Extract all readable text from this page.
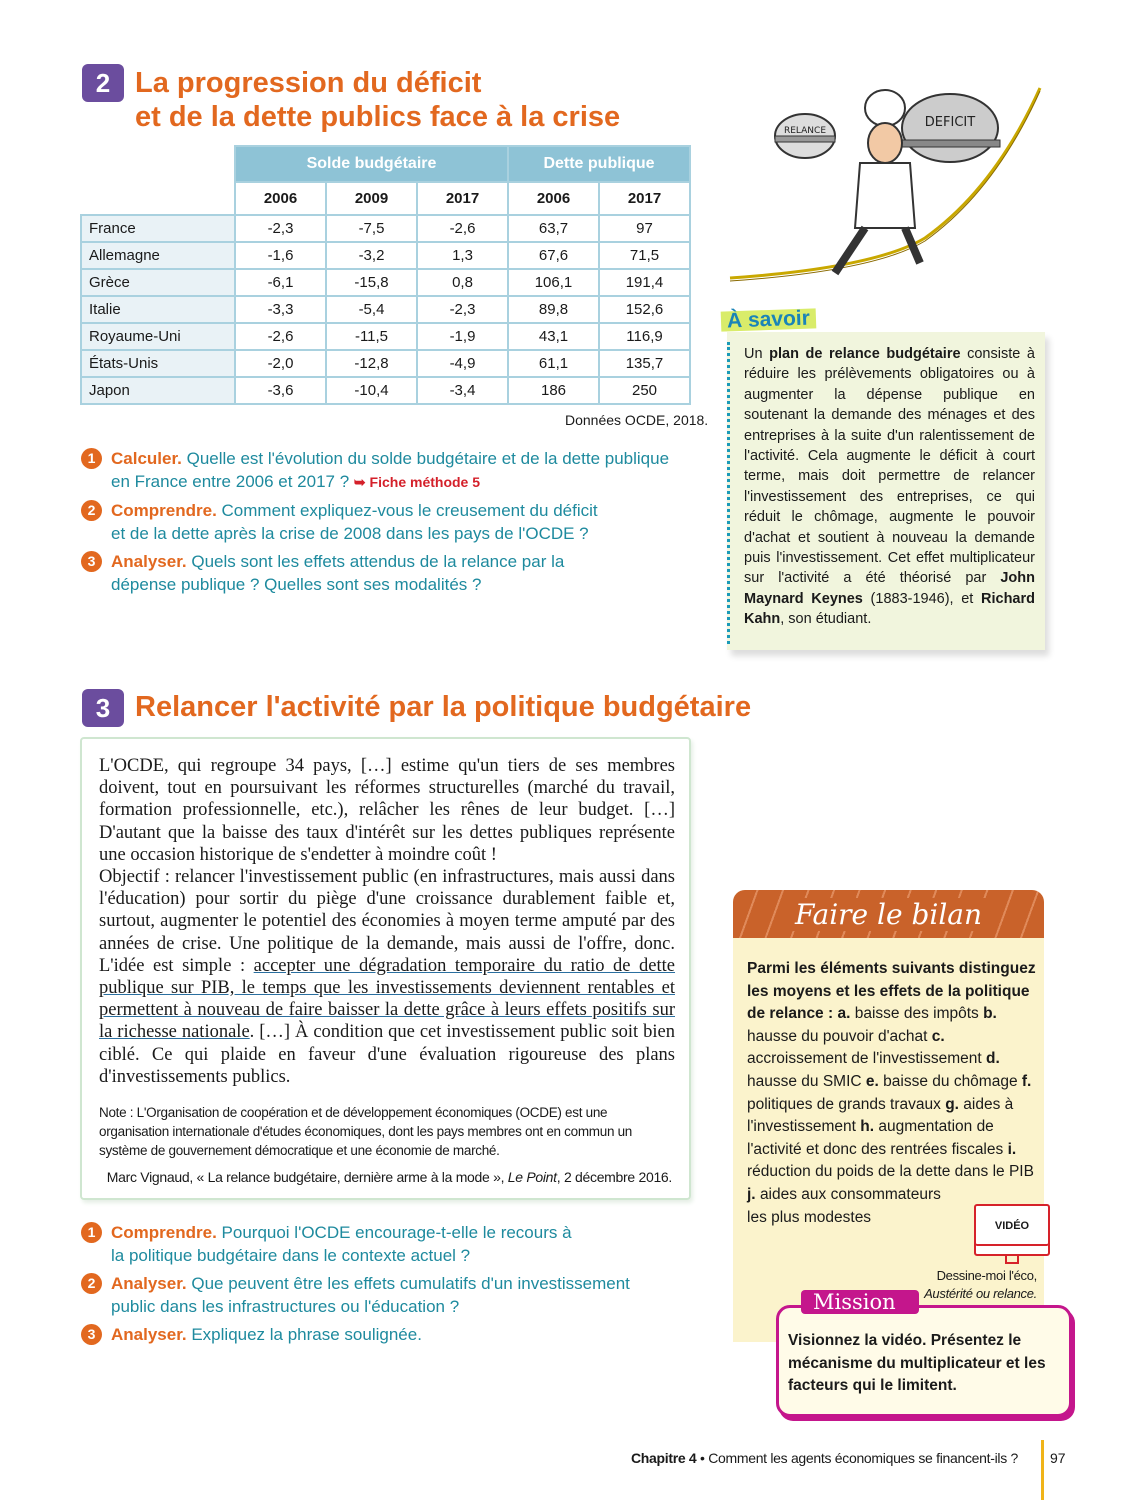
2 La progression du déficit
et de la dette publics face à la crise
	Solde budgétaire			Dette publique	
	2006	2009	2017	2006	2017
France	-2,3	-7,5	-2,6	63,7	97
Allemagne	-1,6	-3,2	1,3	67,6	71,5
Grèce	-6,1	-15,8	0,8	106,1	191,4
Italie	-3,3	-5,4	-2,3	89,8	152,6
Royaume-Uni	-2,6	-11,5	-1,9	43,1	116,9
États-Unis	-2,0	-12,8	-4,9	61,1	135,7
Japon	-3,6	-10,4	-3,4	186	250
Données OCDE, 2018.
1 Calculer. Quelle est l'évolution du solde budgétaire et de la dette publique en France entre 2006 et 2017 ? ➥ Fiche méthode 5
2 Comprendre. Comment expliquez-vous le creusement du déficit et de la dette après la crise de 2008 dans les pays de l'OCDE ?
3 Analyser. Quels sont les effets attendus de la relance par la dépense publique ? Quelles sont ses modalités ?
RELANCE
DEFICIT
À savoir
Un plan de relance budgétaire consiste à réduire les prélèvements obligatoires ou à augmenter la dépense publique en soutenant la demande des ménages et des entreprises à la suite d'un ralentissement de l'activité. Cela augmente le déficit à court terme, mais doit permettre de relancer l'investissement des entreprises, ce qui réduit le chômage, augmente le pouvoir d'achat et soutient à nouveau la demande puis l'investissement. Cet effet multiplicateur sur l'activité a été théorisé par John Maynard Keynes (1883-1946), et Richard Kahn, son étudiant.
3 Relancer l'activité par la politique budgétaire
L'OCDE, qui regroupe 34 pays, […] estime qu'un tiers de ses membres doivent, tout en poursuivant les réformes structurelles (marché du travail, formation professionnelle, etc.), relâcher les rênes de leur budget. […] D'autant que la baisse des taux d'intérêt sur les dettes publiques représente une occasion historique de s'endetter à moindre coût !
Objectif : relancer l'investissement public (en infrastructures, mais aussi dans l'éducation) pour sortir du piège d'une croissance durablement faible et, surtout, augmenter le potentiel des économies à moyen terme amputé par des années de crise. Une politique de la demande, mais aussi de l'offre, donc. L'idée est simple : accepter une dégradation temporaire du ratio de dette publique sur PIB, le temps que les investissements deviennent rentables et permettent à nouveau de faire baisser la dette grâce à leurs effets positifs sur la richesse nationale. […] À condition que cet investissement public soit bien ciblé. Ce qui plaide en faveur d'une évaluation rigoureuse des plans d'investissements publics.
Note : L'Organisation de coopération et de développement économiques (OCDE) est une organisation internationale d'études économiques, dont les pays membres ont en commun un système de gouvernement démocratique et une économie de marché.
Marc Vignaud, « La relance budgétaire, dernière arme à la mode », Le Point, 2 décembre 2016.
1 Comprendre. Pourquoi l'OCDE encourage-t-elle le recours à la politique budgétaire dans le contexte actuel ?
2 Analyser. Que peuvent être les effets cumulatifs d'un investissement public dans les infrastructures ou l'éducation ?
3 Analyser. Expliquez la phrase soulignée.
Faire le bilan
Parmi les éléments suivants distinguez les moyens et les effets de la politique de relance : a. baisse des impôts b. hausse du pouvoir d'achat c. accroissement de l'investissement d. hausse du SMIC e. baisse du chômage f. politiques de grands travaux g. aides à l'investissement h. augmentation de l'activité et donc des rentrées fiscales i. réduction du poids de la dette dans le PIB
j. aides aux consommateurs les plus modestes
VIDÉO
Dessine-moi l'éco,
Austérité ou relance.
Mission
Visionnez la vidéo. Présentez le mécanisme du multiplicateur et les facteurs qui le limitent.
Chapitre 4 • Comment les agents économiques se financent-ils ? 97
